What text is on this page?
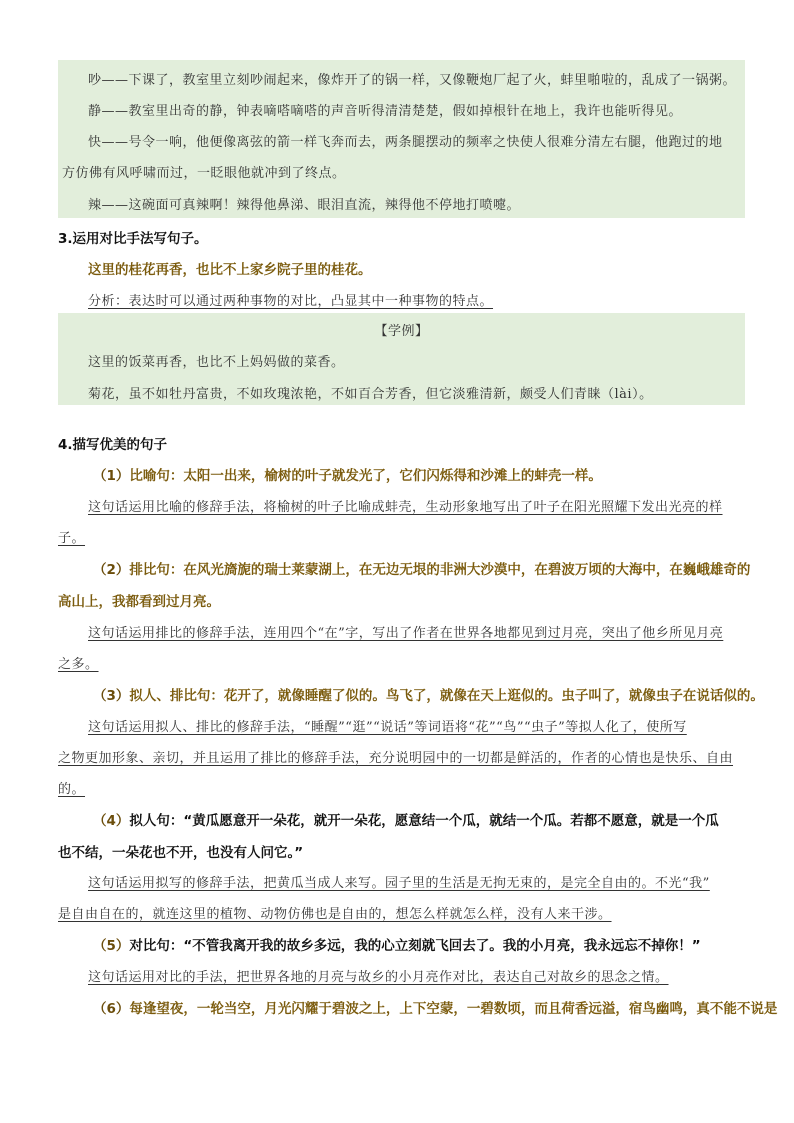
吵——下课了，教室里立刻吵闹起来，像炸开了的锅一样，又像鞭炮厂起了火，蚌里啪啦的，乱成了一锅粥。

静——教室里出奇的静，钟表嘀嗒嘀嗒的声音听得清清楚楚，假如掉根针在地上，我许也能听得见。

快——号令一响，他便像离弦的箭一样飞奔而去，两条腿摆动的频率之快使人很难分清左右腿，他跑过的地

方仿佛有风呼啸而过，一眨眼他就冲到了终点。

辣——这碗面可真辣啊！辣得他鼻涕、眼泪直流，辣得他不停地打喷嚏。

3.运用对比手法写句子。

这里的桂花再香，也比不上家乡院子里的桂花。

分析：表达时可以通过两种事物的对比，凸显其中一种事物的特点。

【学例】

这里的饭菜再香，也比不上妈妈做的菜香。

菊花，虽不如牡丹富贵，不如玫瑰浓艳，不如百合芳香，但它淡雅清新，颇受人们青睐（lài）。

4.描写优美的句子

（1）比喻句：太阳一出来，榆树的叶子就发光了，它们闪烁得和沙滩上的蚌壳一样。

这句话运用比喻的修辞手法，将榆树的叶子比喻成蚌壳，生动形象地写出了叶子在阳光照耀下发出光亮的样

子。

（2）排比句：在风光旖旎的瑞士莱蒙湖上，在无边无垠的非洲大沙漠中，在碧波万顷的大海中，在巍峨雄奇的

高山上，我都看到过月亮。

这句话运用排比的修辞手法，连用四个“在”字，写出了作者在世界各地都见到过月亮，突出了他乡所见月亮

之多。

（3）拟人、排比句：花开了，就像睡醒了似的。鸟飞了，就像在天上逛似的。虫子叫了，就像虫子在说话似的。

这句话运用拟人、排比的修辞手法，“睡醒”“逛”“说话”等词语将“花”“鸟”“虫子”等拟人化了，使所写

之物更加形象、亲切，并且运用了排比的修辞手法，充分说明园中的一切都是鲜活的，作者的心情也是快乐、自由

的。

（4）拟人句：“黄瓜愿意开一朵花，就开一朵花，愿意结一个瓜，就结一个瓜。若都不愿意，就是一个瓜

也不结，一朵花也不开，也没有人问它。”

这句话运用拟写的修辞手法，把黄瓜当成人来写。园子里的生活是无拘无束的，是完全自由的。不光“我”

是自由自在的，就连这里的植物、动物仿佛也是自由的，想怎么样就怎么样，没有人来干涉。

（5）对比句：“不管我离开我的故乡多远，我的心立刻就飞回去了。我的小月亮，我永远忘不掉你！”

这句话运用对比的手法，把世界各地的月亮与故乡的小月亮作对比，表达自己对故乡的思念之情。

（6）每逢望夜，一轮当空，月光闪耀于碧波之上，上下空蒙，一碧数顷，而且荷香远溢，宿鸟幽鸣，真不能不说是
